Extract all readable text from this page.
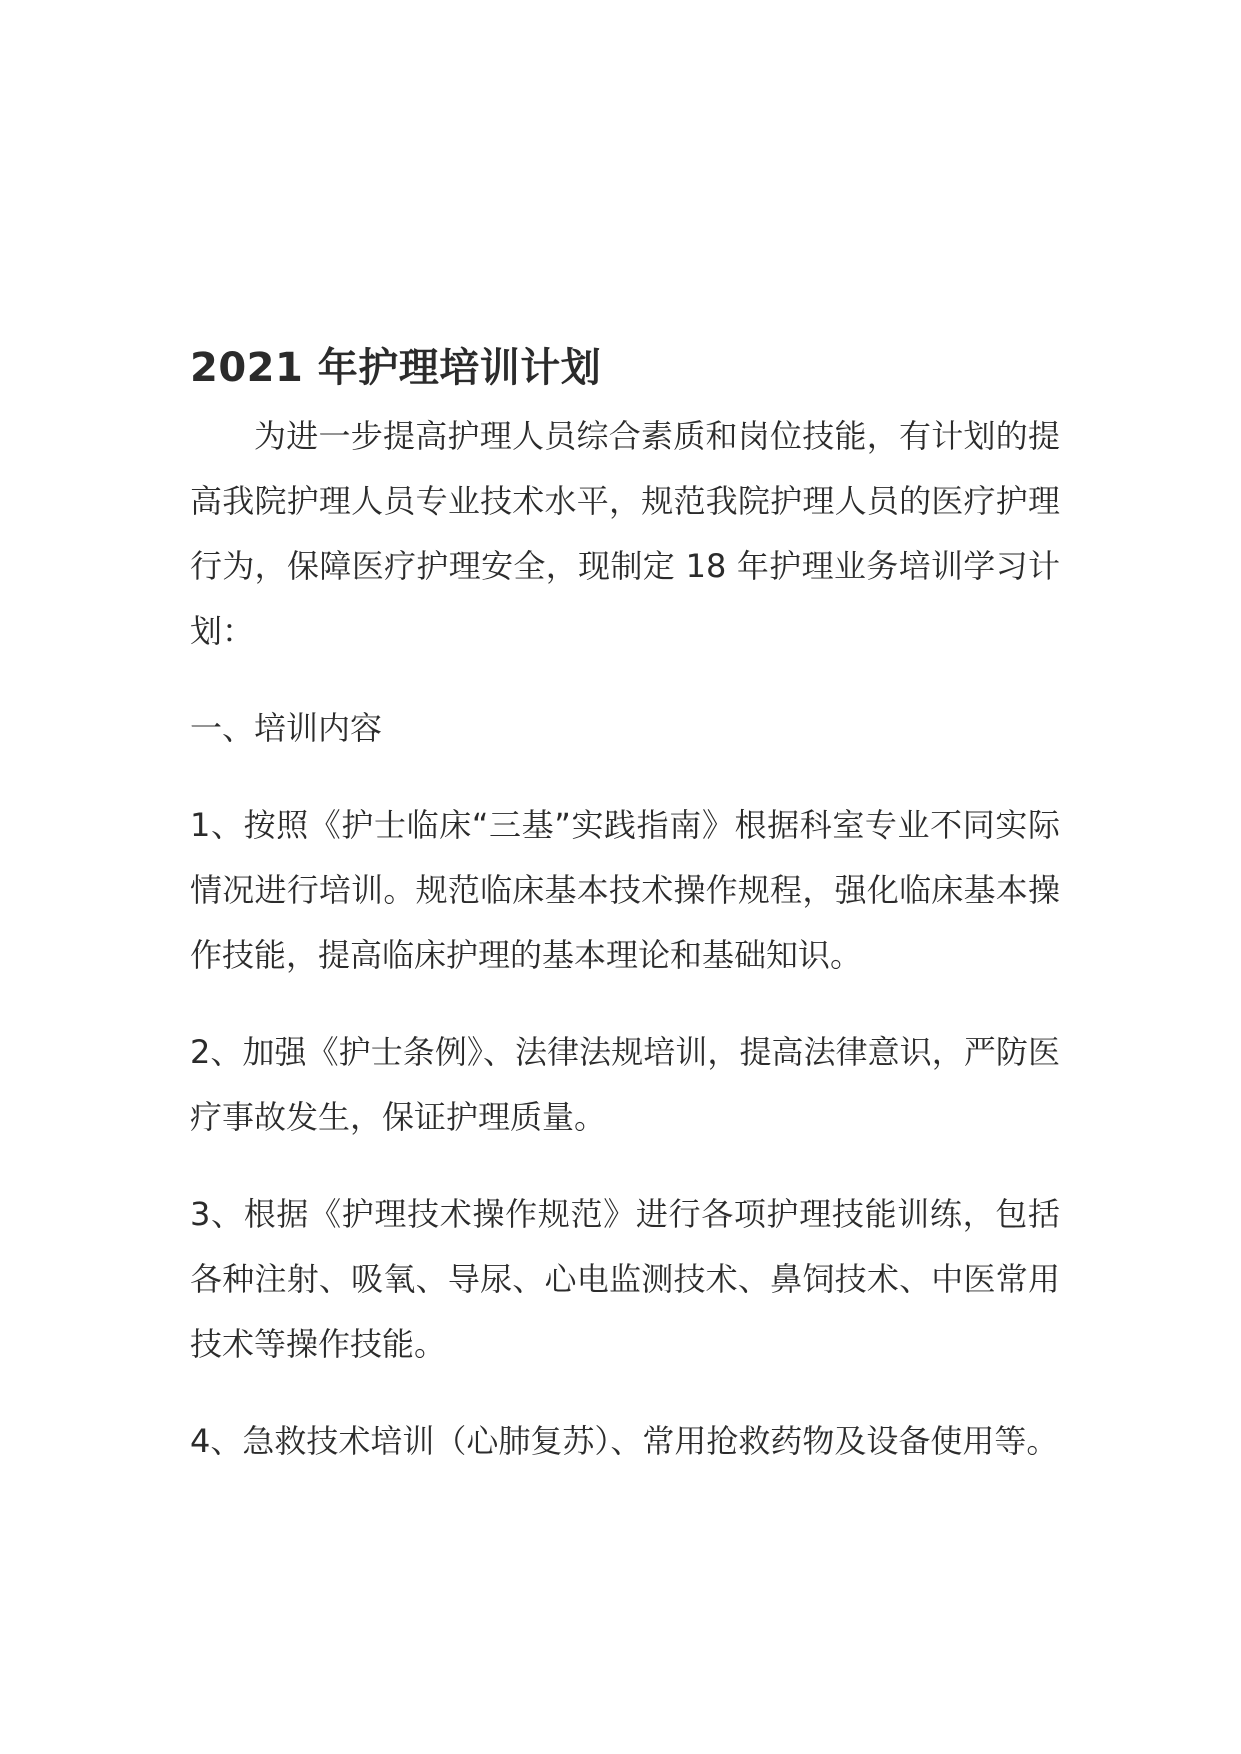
2021 年护理培训计划

为进一步提高护理人员综合素质和岗位技能，有计划的提高我院护理人员专业技术水平，规范我院护理人员的医疗护理行为，保障医疗护理安全，现制定 18 年护理业务培训学习计划：

一、培训内容

1、按照《护士临床“三基”实践指南》根据科室专业不同实际情况进行培训。规范临床基本技术操作规程，强化临床基本操作技能，提高临床护理的基本理论和基础知识。

2、加强《护士条例》、法律法规培训，提高法律意识，严防医疗事故发生，保证护理质量。

3、根据《护理技术操作规范》进行各项护理技能训练，包括各种注射、吸氧、导尿、心电监测技术、鼻饲技术、中医常用技术等操作技能。

4、急救技术培训（心肺复苏）、常用抢救药物及设备使用等。
